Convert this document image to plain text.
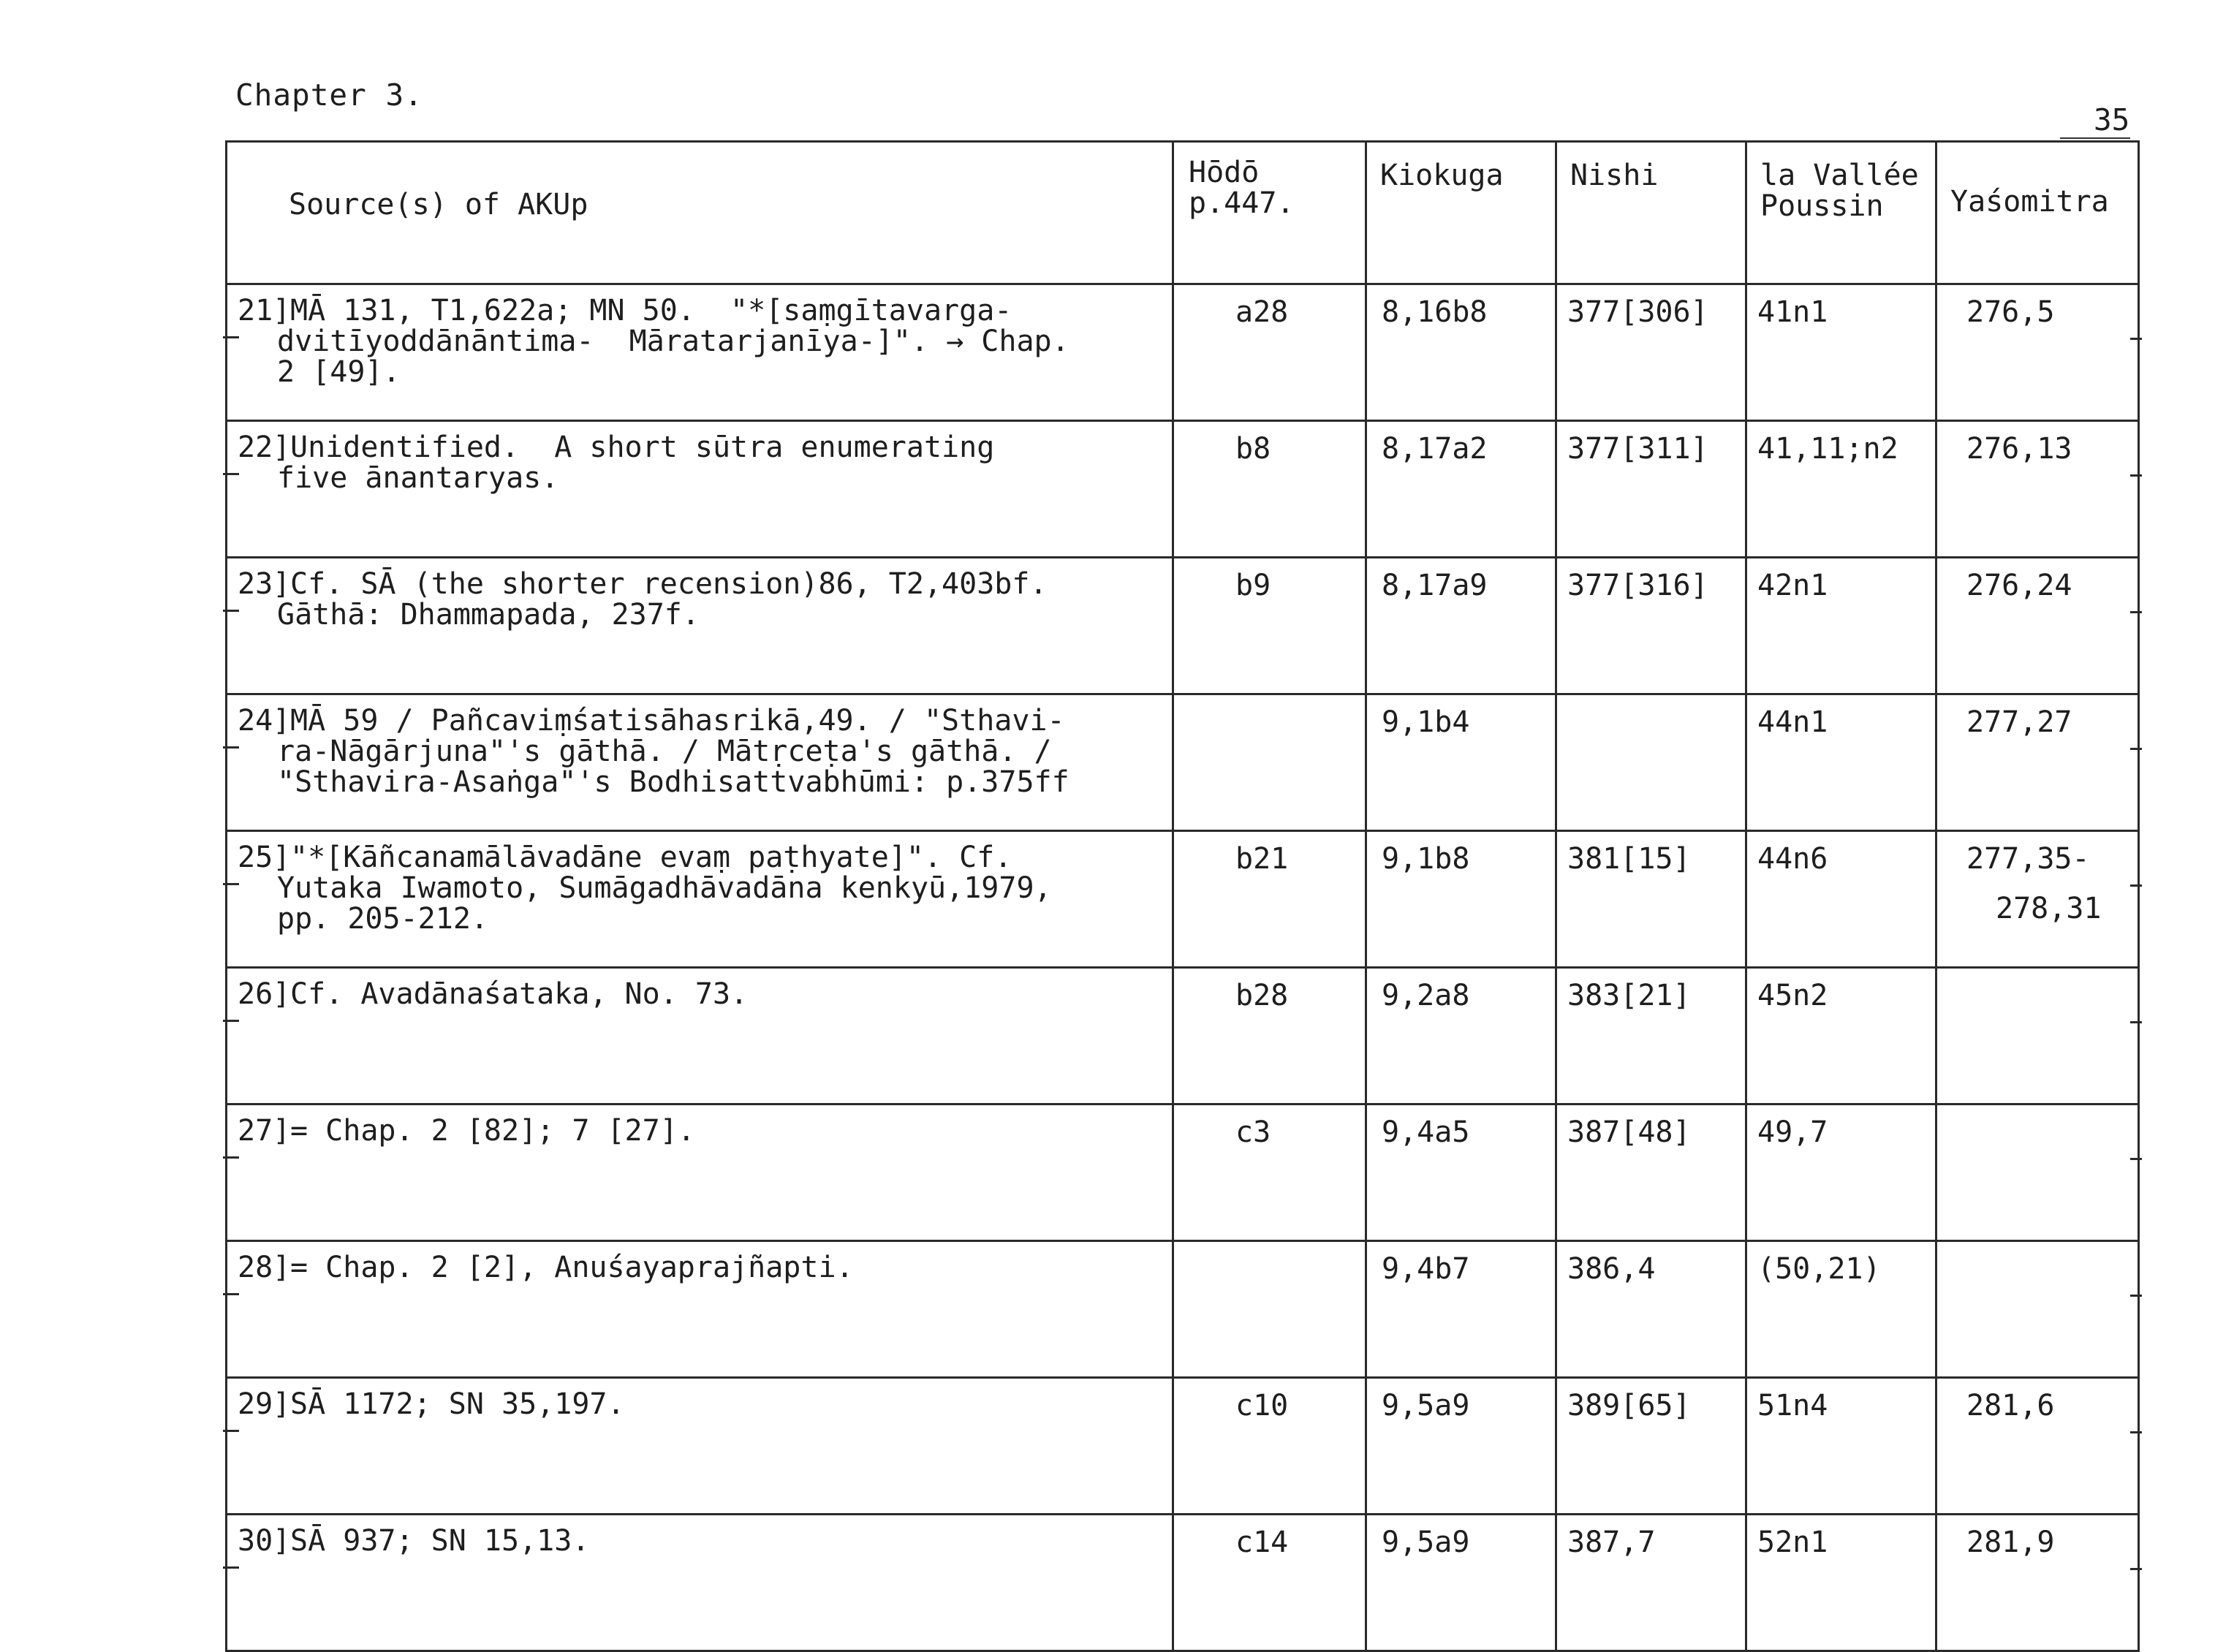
Chapter 3.
35
Source(s) of AKUp	Hōdō
p.447.	Kiokuga	Nishi	la Vallée
Poussin	Yaśomitra

21]MĀ 131, T1,622a; MN 50.  "*[saṃgītavarga-
dvitīyoddānāntima-  Māratarjanīya-]". → Chap.
2 [49].	a28	8,16b8	377[306]	41n1	276,5

22]Unidentified.  A short sūtra enumerating
five ānantaryas.	b8	8,17a2	377[311]	41,11;n2	276,13

23]Cf. SĀ (the shorter recension)86, T2,403bf.
Gāthā: Dhammapada, 237f.	b9	8,17a9	377[316]	42n1	276,24

24]MĀ 59 / Pañcaviṃśatisāhasrikā,49. / "Sthavi-
ra-Nāgārjuna"'s gāthā. / Mātṛceṭa's gāthā. /
"Sthavira-Asaṅga"'s Bodhisattvabhūmi: p.375ff		9,1b4		44n1	277,27

25]"*[Kāñcanamālāvadāne evaṃ paṭhyate]". Cf.
Yutaka Iwamoto, Sumāgadhāvadāna kenkyū,1979,
pp. 205-212.	b21	9,1b8	381[15]	44n6	277,35-
278,31

26]Cf. Avadānaśataka, No. 73.	b28	9,2a8	383[21]	45n2	

27]= Chap. 2 [82]; 7 [27].	c3	9,4a5	387[48]	49,7	

28]= Chap. 2 [2], Anuśayaprajñapti.		9,4b7	386,4	(50,21)	

29]SĀ 1172; SN 35,197.	c10	9,5a9	389[65]	51n4	281,6

30]SĀ 937; SN 15,13.	c14	9,5a9	387,7	52n1	281,9
